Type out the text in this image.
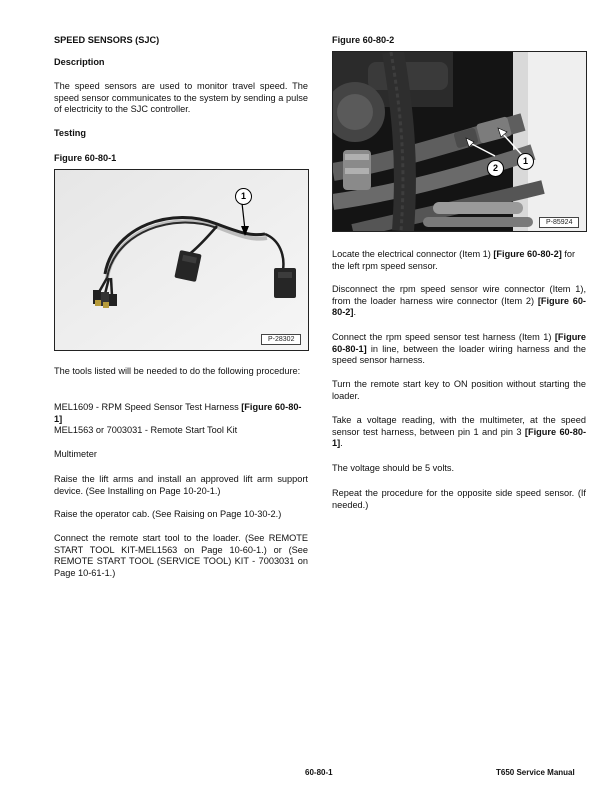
SPEED SENSORS (SJC)
Description

The speed sensors are used to monitor travel speed. The speed sensor communicates to the system by sending a pulse of electricity to the SJC controller.

Testing
Figure 60-80-1

The tools listed will be needed to do the following procedure:

MEL1609 - RPM Speed Sensor Test Harness [Figure 60-80-1]

MEL1563 or 7003031 - Remote Start Tool Kit

Multimeter

Raise the lift arms and install an approved lift arm support device. (See Installing on Page 10-20-1.)

Raise the operator cab. (See Raising on Page 10-30-2.)

Connect the remote start tool to the loader. (See REMOTE START TOOL KIT-MEL1563 on Page 10-60-1.) or (See REMOTE START TOOL (SERVICE TOOL) KIT - 7003031 on Page 10-61-1.)

1
P-28302
Figure 60-80-2

Locate the electrical connector (Item 1) [Figure 60-80-2] for the left rpm speed sensor.

Disconnect the rpm speed sensor wire connector (Item 1), from the loader harness wire connector (Item 2) [Figure 60-80-2].

Connect the rpm speed sensor test harness (Item 1) [Figure 60-80-1] in line, between the loader wiring harness and the speed sensor harness.

Turn the remote start key to ON position without starting the loader.

Take a voltage reading, with the multimeter, at the speed sensor test harness, between pin 1 and pin 3 [Figure 60-80-1].

The voltage should be 5 volts.

Repeat the procedure for the opposite side speed sensor. (If needed.)

2
1
P-85924
60-80-1	T650 Service Manual
